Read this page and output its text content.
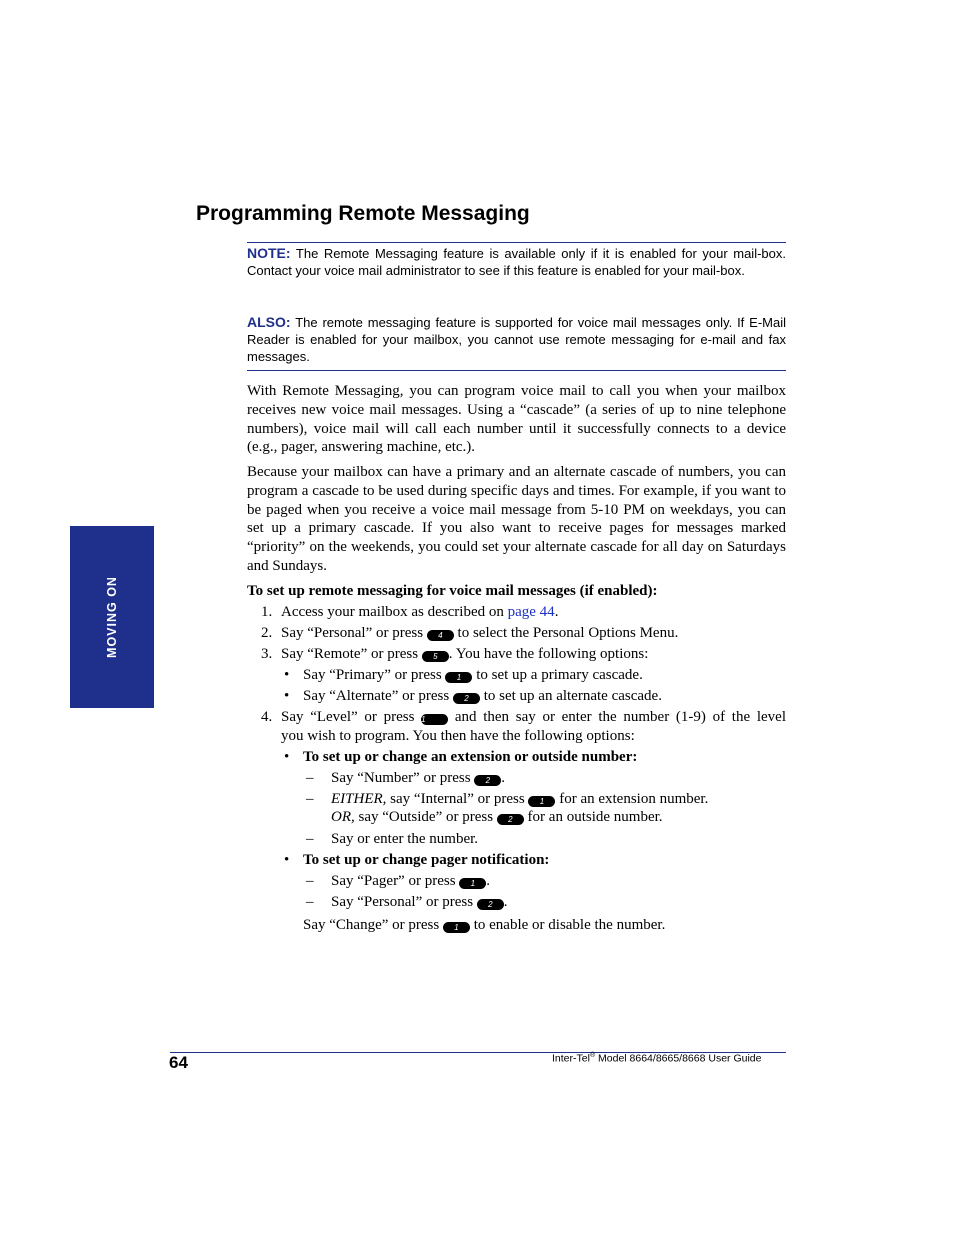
MOVING ON
Programming Remote Messaging

NOTE: The Remote Messaging feature is available only if it is enabled for your mail-box. Contact your voice mail administrator to see if this feature is enabled for your mail-box.

ALSO: The remote messaging feature is supported for voice mail messages only. If E-Mail Reader is enabled for your mailbox, you cannot use remote messaging for e-mail and fax messages.

With Remote Messaging, you can program voice mail to call you when your mailbox receives new voice mail messages. Using a “cascade” (a series of up to nine telephone numbers), voice mail will call each number until it successfully connects to a device (e.g., pager, answering machine, etc.).

Because your mailbox can have a primary and an alternate cascade of numbers, you can program a cascade to be used during specific days and times. For example, if you want to be paged when you receive a voice mail message from 5-10 PM on weekdays, you can set up a primary cascade. If you also want to receive pages for messages marked “priority” on the weekends, you could set your alternate cascade for all day on Saturdays and Sundays.

To set up remote messaging for voice mail messages (if enabled):
1. Access your mailbox as described on page 44.
2. Say “Personal” or press 4 to select the Personal Options Menu.
3. Say “Remote” or press 5 . You have the following options:
• Say “Primary” or press 1 to set up a primary cascade.
• Say “Alternate” or press 2 to set up an alternate cascade.
4. Say “Level” or press 1 and then say or enter the number (1-9) of the level
you wish to program. You then have the following options:
• To set up or change an extension or outside number:
– Say “Number” or press 2 .
– EITHER, say “Internal” or press 1 for an extension number.
OR, say “Outside” or press 2 for an outside number.
– Say or enter the number.
• To set up or change pager notification:
– Say “Pager” or press 1 .
– Say “Personal” or press 2 .
Say “Change” or press 1 to enable or disable the number.
64	Inter-Tel® Model 8664/8665/8668 User Guide
